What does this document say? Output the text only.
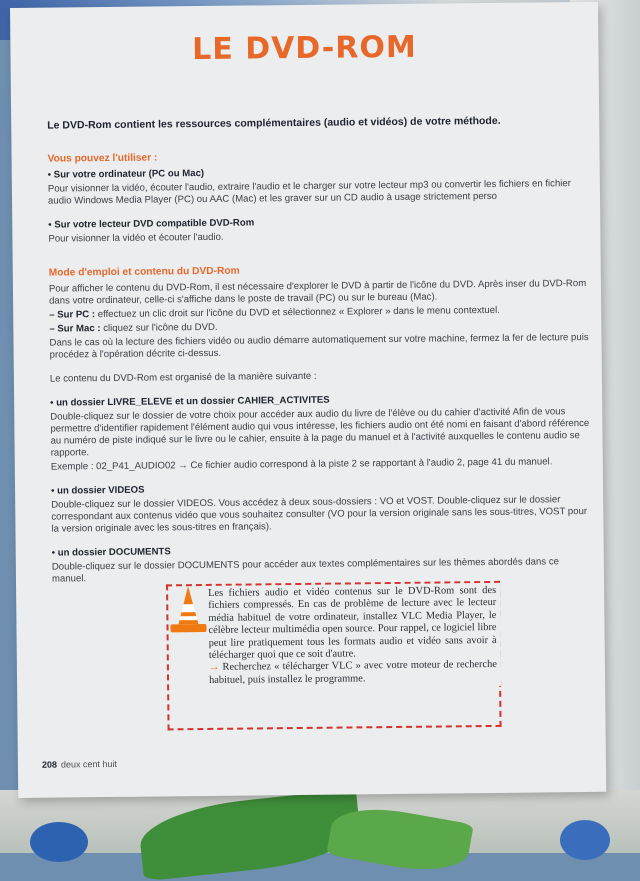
LE DVD-ROM

Le DVD-Rom contient les ressources complémentaires (audio et vidéos) de votre méthode.

Vous pouvez l'utiliser :

• Sur votre ordinateur (PC ou Mac)

Pour visionner la vidéo, écouter l'audio, extraire l'audio et le charger sur votre lecteur mp3 ou convertir les fichiers en fichier audio Windows Media Player (PC) ou AAC (Mac) et les graver sur un CD audio à usage strictement perso

• Sur votre lecteur DVD compatible DVD-Rom

Pour visionner la vidéo et écouter l'audio.

Mode d'emploi et contenu du DVD-Rom

Pour afficher le contenu du DVD-Rom, il est nécessaire d'explorer le DVD à partir de l'icône du DVD. Après inser du DVD-Rom dans votre ordinateur, celle-ci s'affiche dans le poste de travail (PC) ou sur le bureau (Mac).

– Sur PC : effectuez un clic droit sur l'icône du DVD et sélectionnez « Explorer » dans le menu contextuel.

– Sur Mac : cliquez sur l'icône du DVD.

Dans le cas où la lecture des fichiers vidéo ou audio démarre automatiquement sur votre machine, fermez la fer de lecture puis procédez à l'opération décrite ci-dessus.

Le contenu du DVD-Rom est organisé de la manière suivante :

• un dossier LIVRE_ELEVE et un dossier CAHIER_ACTIVITES

Double-cliquez sur le dossier de votre choix pour accéder aux audio du livre de l'élève ou du cahier d'activité Afin de vous permettre d'identifier rapidement l'élément audio qui vous intéresse, les fichiers audio ont été nomi en faisant d'abord référence au numéro de piste indiqué sur le livre ou le cahier, ensuite à la page du manuel et à l'activité auxquelles le contenu audio se rapporte.

Exemple : 02_P41_AUDIO02 → Ce fichier audio correspond à la piste 2 se rapportant à l'audio 2, page 41 du manuel.

• un dossier VIDEOS

Double-cliquez sur le dossier VIDEOS. Vous accédez à deux sous-dossiers : VO et VOST. Double-cliquez sur le dossier correspondant aux contenus vidéo que vous souhaitez consulter (VO pour la version originale sans les sous-titres, VOST pour la version originale avec les sous-titres en français).

• un dossier DOCUMENTS

Double-cliquez sur le dossier DOCUMENTS pour accéder aux textes complémentaires sur les thèmes abordés dans ce manuel.

Les fichiers audio et vidéo contenus sur le DVD-Rom sont des fichiers compressés. En cas de problème de lecture avec le lecteur média habituel de votre ordinateur, installez VLC Media Player, le célèbre lecteur multimédia open source. Pour rappel, ce logiciel libre peut lire pratiquement tous les formats audio et vidéo sans avoir à télécharger quoi que ce soit d'autre.
→ Recherchez « télécharger VLC » avec votre moteur de recherche habituel, puis installez le programme.
208 deux cent huit
